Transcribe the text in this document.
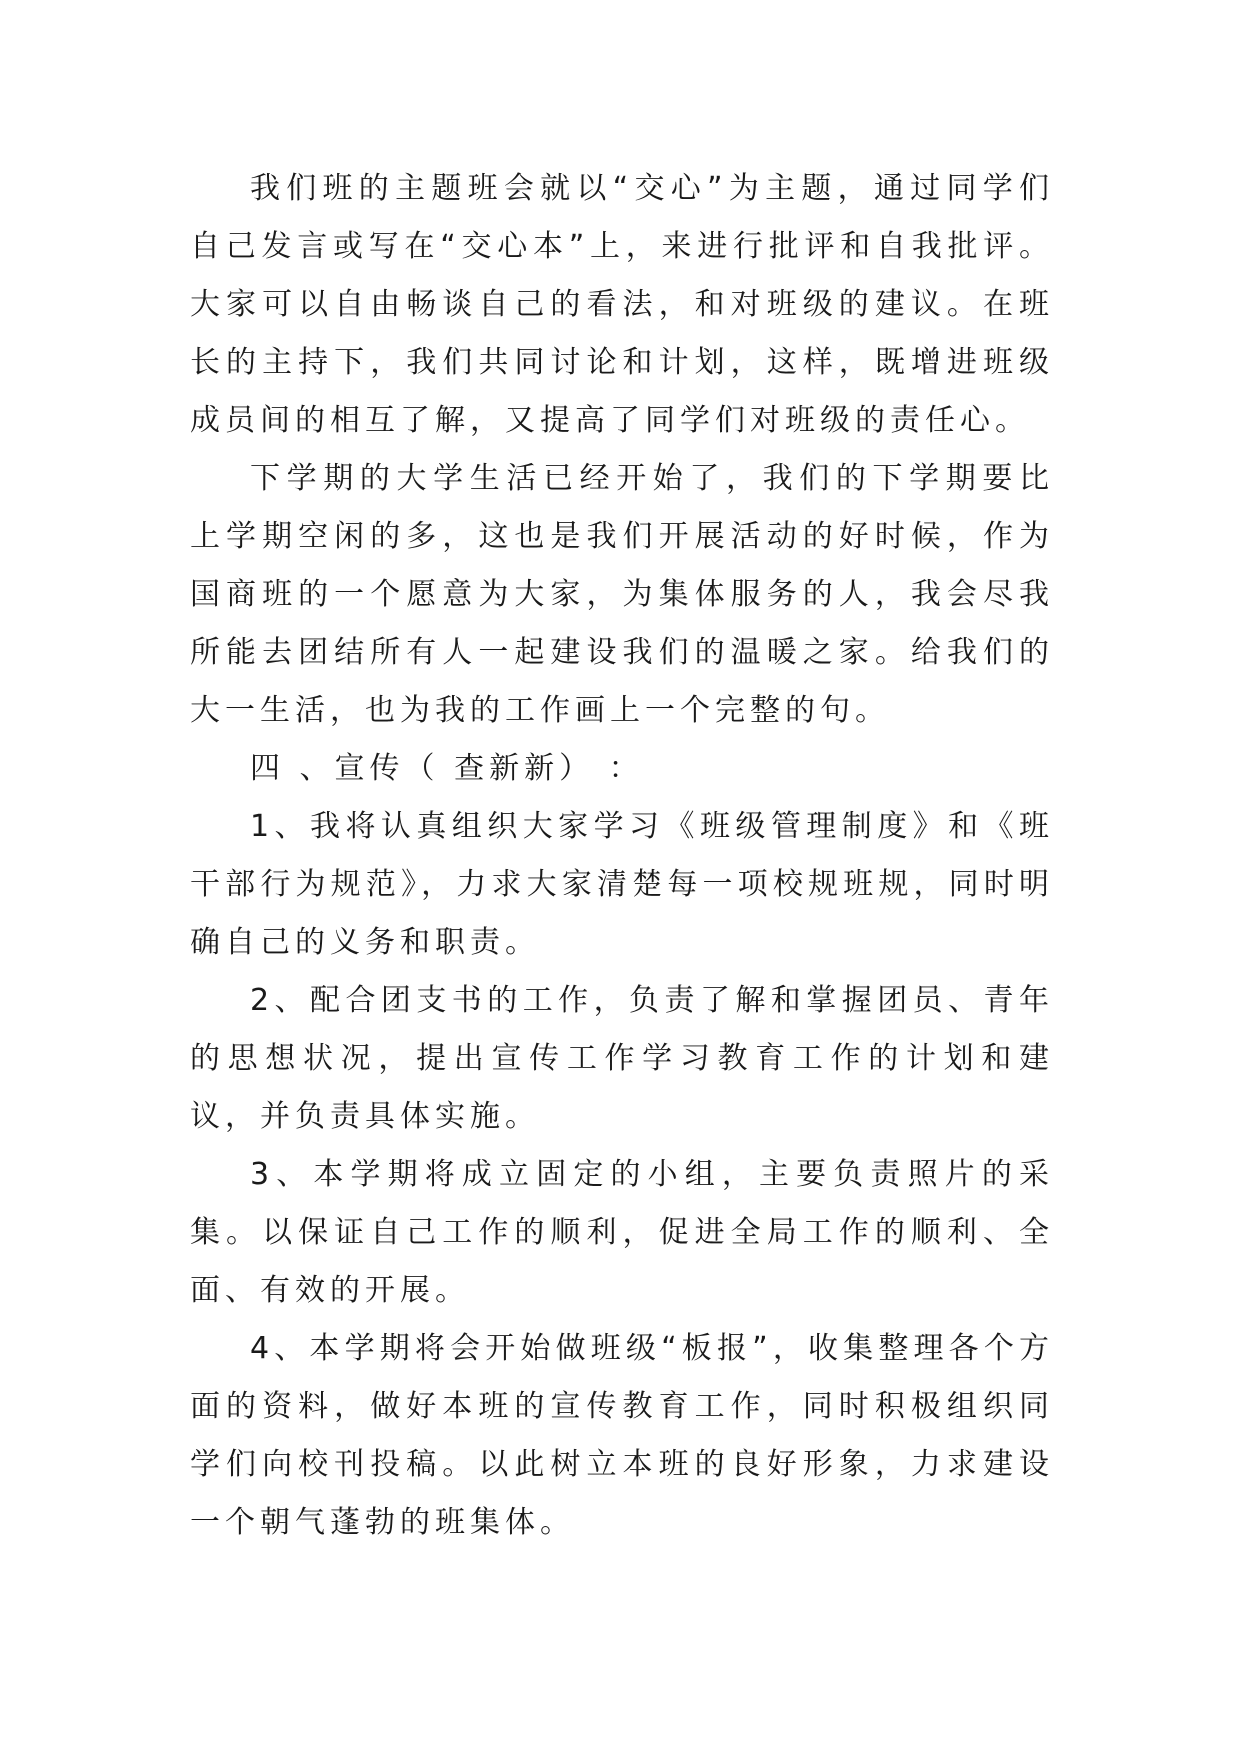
我们班的主题班会就以“交心”为主题，通过同学们自己发言或写在“交心本”上，来进行批评和自我批评。大家可以自由畅谈自己的看法，和对班级的建议。在班长的主持下，我们共同讨论和计划，这样，既增进班级成员间的相互了解，又提高了同学们对班级的责任心。

下学期的大学生活已经开始了，我们的下学期要比上学期空闲的多，这也是我们开展活动的好时候，作为国商班的一个愿意为大家，为集体服务的人，我会尽我所能去团结所有人一起建设我们的温暖之家。给我们的大一生活，也为我的工作画上一个完整的句。

四 、宣传（ 查新新） ：

1、我将认真组织大家学习《班级管理制度》和《班干部行为规范》，力求大家清楚每一项校规班规，同时明确自己的义务和职责。

2、配合团支书的工作，负责了解和掌握团员、青年的思想状况，提出宣传工作学习教育工作的计划和建议，并负责具体实施。

3、本学期将成立固定的小组，主要负责照片的采集。以保证自己工作的顺利，促进全局工作的顺利、全面、有效的开展。

4、本学期将会开始做班级“板报”，收集整理各个方面的资料，做好本班的宣传教育工作，同时积极组织同学们向校刊投稿。以此树立本班的良好形象，力求建设一个朝气蓬勃的班集体。
